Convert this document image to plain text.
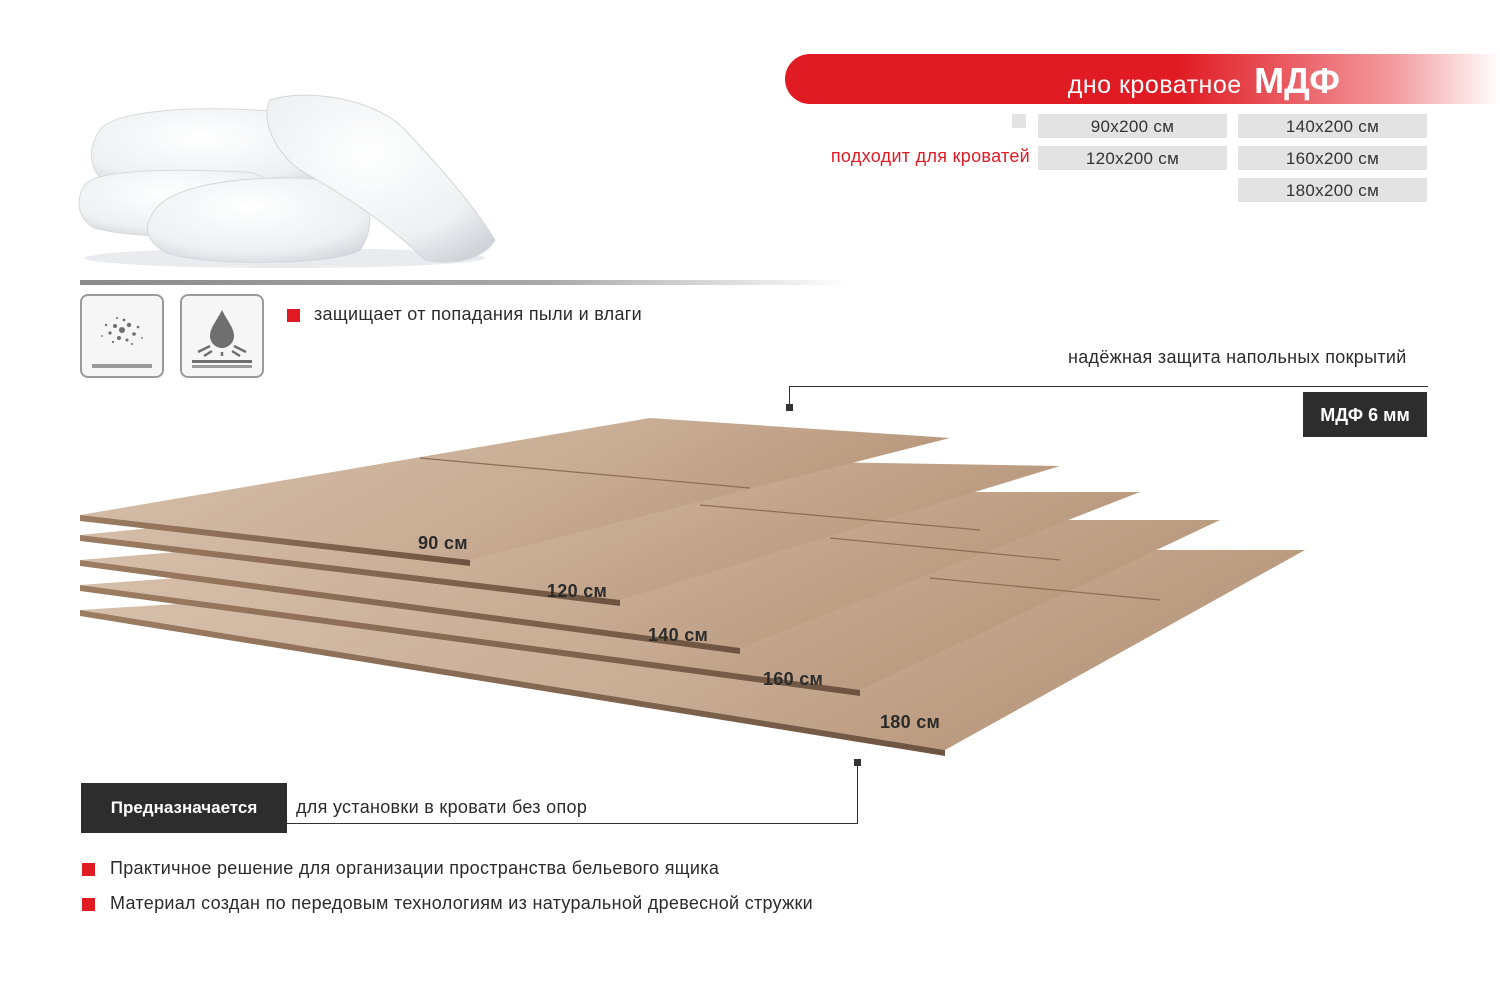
дно кроватное МДФ
подходит для кроватей
90x200 см	140x200 см
120x200 см	160x200 см
180x200 см
защищает от попадания пыли и влаги
надёжная защита напольных покрытий
МДФ 6 мм
90 см
120 см
140 см
160 см
180 см
Предназначается	для установки в кровати без опор
Практичное решение для организации пространства бельевого ящика
Материал создан по передовым технологиям из натуральной древесной стружки
